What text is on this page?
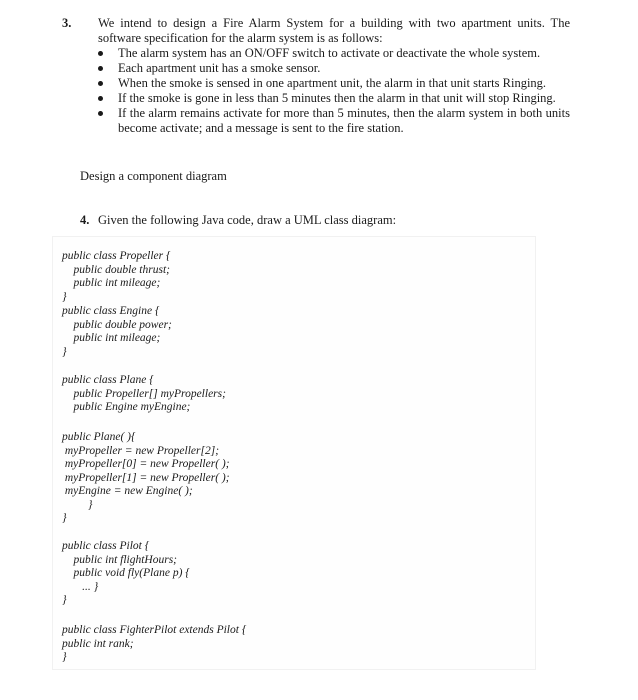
3. We intend to design a Fire Alarm System for a building with two apartment units. The software specification for the alarm system is as follows:
The alarm system has an ON/OFF switch to activate or deactivate the whole system.
Each apartment unit has a smoke sensor.
When the smoke is sensed in one apartment unit, the alarm in that unit starts Ringing.
If the smoke is gone in less than 5 minutes then the alarm in that unit will stop Ringing.
If the alarm remains activate for more than 5 minutes, then the alarm system in both units become activate; and a message is sent to the fire station.
Design a component diagram
4. Given the following Java code, draw a UML class diagram:
public class Propeller {
public double thrust;
public int mileage;
}
public class Engine {
public double power;
public int mileage;
}
public class Plane {
public Propeller[] myPropellers;
public Engine myEngine;
public Plane( ){
myPropeller = new Propeller[2];
myPropeller[0] = new Propeller( );
myPropeller[1] = new Propeller( );
myEngine = new Engine( );
}
}
public class Pilot {
public int flightHours;
public void fly(Plane p) {
... }
}
public class FighterPilot extends Pilot {
public int rank;
}
